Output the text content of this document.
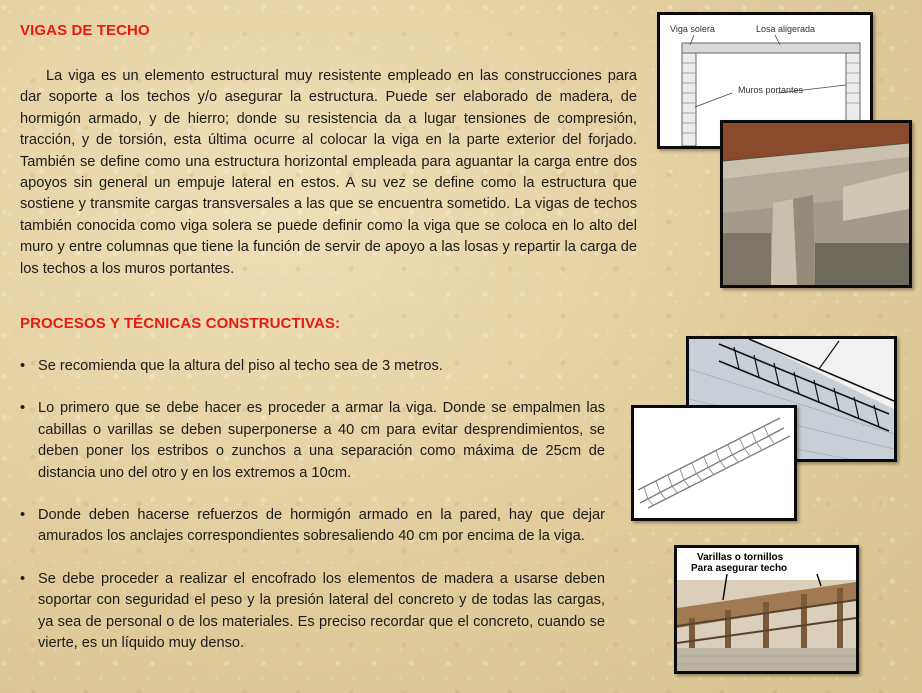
VIGAS DE TECHO

La viga es un elemento estructural muy resistente empleado en las construcciones para dar soporte a los techos y/o asegurar la estructura. Puede ser elaborado de madera, de hormigón armado, y de hierro; donde su resistencia da a lugar tensiones de compresión, tracción, y de torsión, esta última ocurre al colocar la viga en la parte exterior del forjado. También se define como una estructura horizontal empleada para aguantar la carga entre dos apoyos sin general un empuje lateral en estos. A su vez se define como la estructura que sostiene y transmite cargas transversales a las que se encuentra sometido. La vigas de techos también conocida como viga solera se puede definir como la viga que se coloca en lo alto del muro y entre columnas que tiene la función de servir de apoyo a las losas y repartir la carga de los techos a los muros portantes.

PROCESOS Y TÉCNICAS CONSTRUCTIVAS:
• Se recomienda que la altura del piso al techo sea de 3 metros.
• Lo primero que se debe hacer es proceder a armar la viga. Donde se empalmen las cabillas o varillas se deben superponerse a 40 cm para evitar desprendimientos, se deben poner los estribos o zunchos a una separación como máxima de 25cm de distancia uno del otro y en los extremos a 10cm.
• Donde deben hacerse refuerzos de hormigón armado en la pared, hay que dejar amurados los anclajes correspondientes sobresaliendo 40 cm por encima de la viga.
• Se debe proceder a realizar el encofrado los elementos de madera a usarse deben soportar con seguridad el peso y la presión lateral del concreto y de todas las cargas, ya sea de personal o de los materiales. Es preciso recordar que el concreto, cuando se vierte, es un líquido muy denso.
Viga solera	Losa aligerada
Muros portantes
Varillas o tornillos
Para asegurar techo
